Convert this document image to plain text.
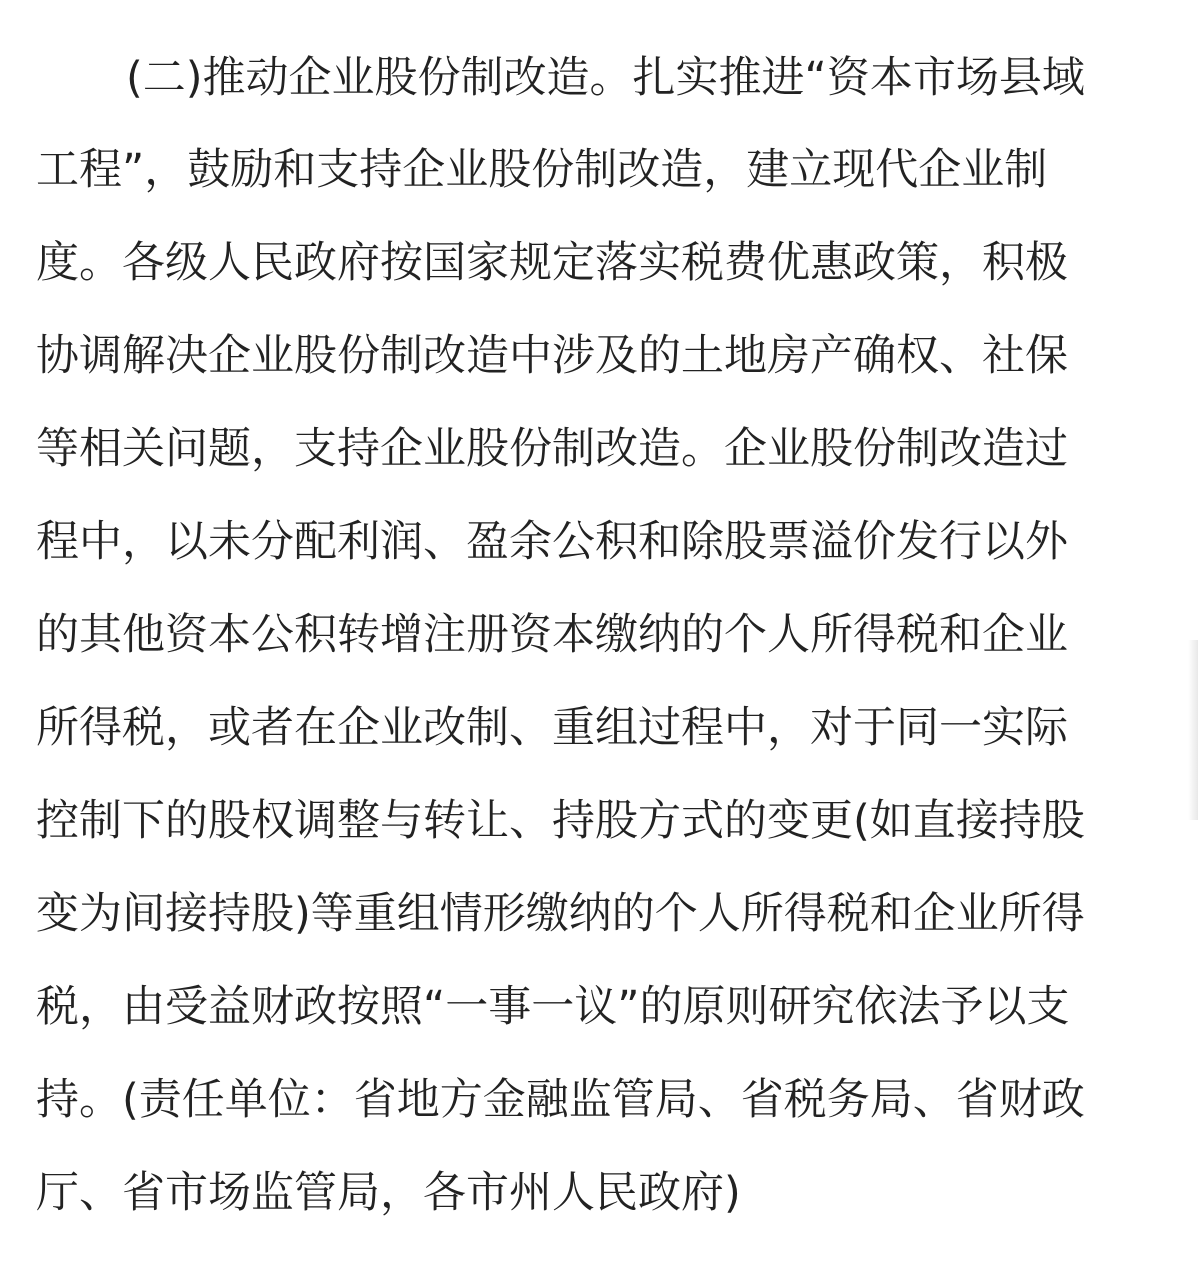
(二)推动企业股份制改造。扎实推进“资本市场县域
工程”，鼓励和支持企业股份制改造，建立现代企业制
度。各级人民政府按国家规定落实税费优惠政策，积极
协调解决企业股份制改造中涉及的土地房产确权、社保
等相关问题，支持企业股份制改造。企业股份制改造过
程中，以未分配利润、盈余公积和除股票溢价发行以外
的其他资本公积转增注册资本缴纳的个人所得税和企业
所得税，或者在企业改制、重组过程中，对于同一实际
控制下的股权调整与转让、持股方式的变更(如直接持股
变为间接持股)等重组情形缴纳的个人所得税和企业所得
税，由受益财政按照“一事一议”的原则研究依法予以支
持。(责任单位：省地方金融监管局、省税务局、省财政
厅、省市场监管局，各市州人民政府)
